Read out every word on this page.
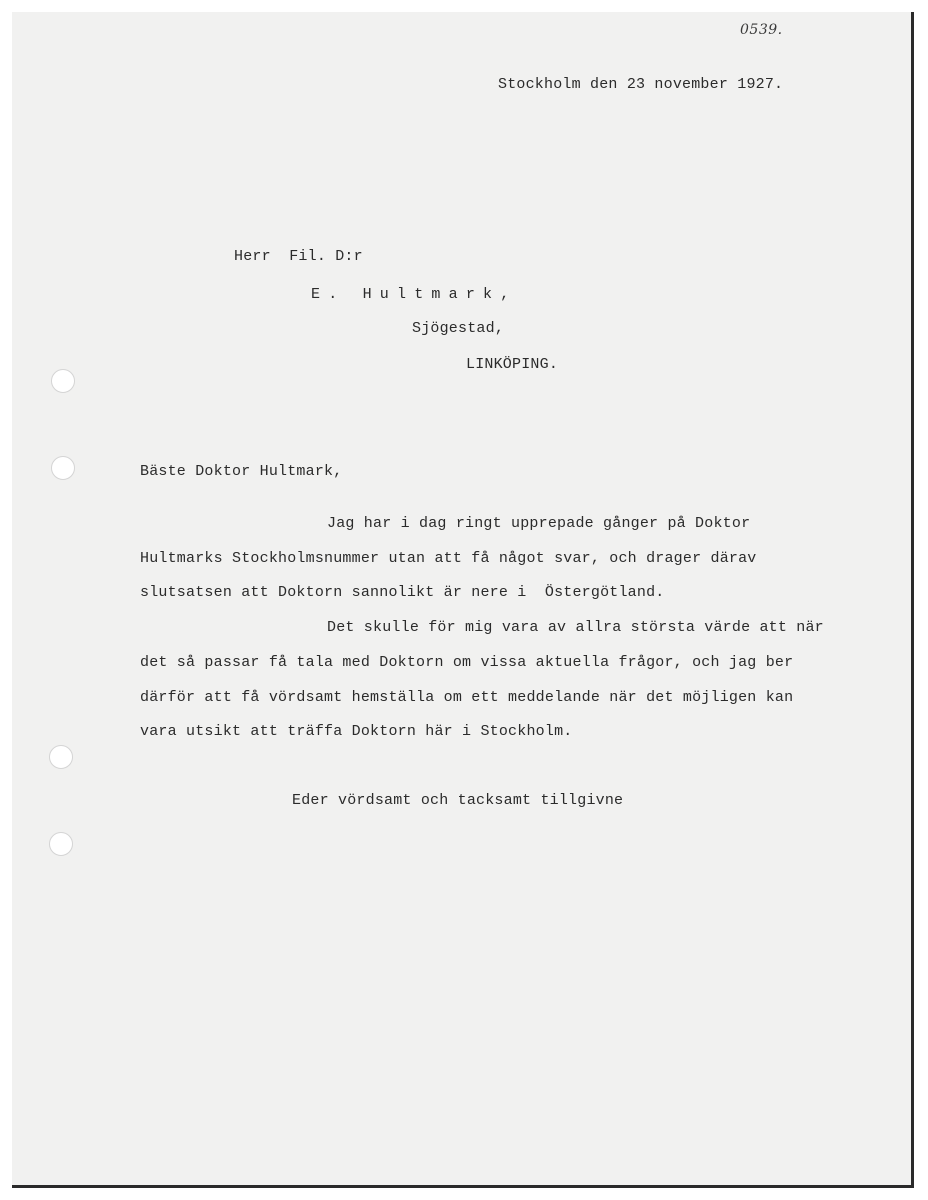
0539.
Stockholm den 23 november 1927.
Herr  Fil. D:r
E. Hultmark,
Sjögestad,
LINKÖPING.
Bäste Doktor Hultmark,
Jag har i dag ringt upprepade gånger på Doktor
Hultmarks Stockholmsnummer utan att få något svar, och drager därav
slutsatsen att Doktorn sannolikt är nere i  Östergötland.
Det skulle för mig vara av allra största värde att när
det så passar få tala med Doktorn om vissa aktuella frågor, och jag ber
därför att få vördsamt hemställa om ett meddelande när det möjligen kan
vara utsikt att träffa Doktorn här i Stockholm.
Eder vördsamt och tacksamt tillgivne
